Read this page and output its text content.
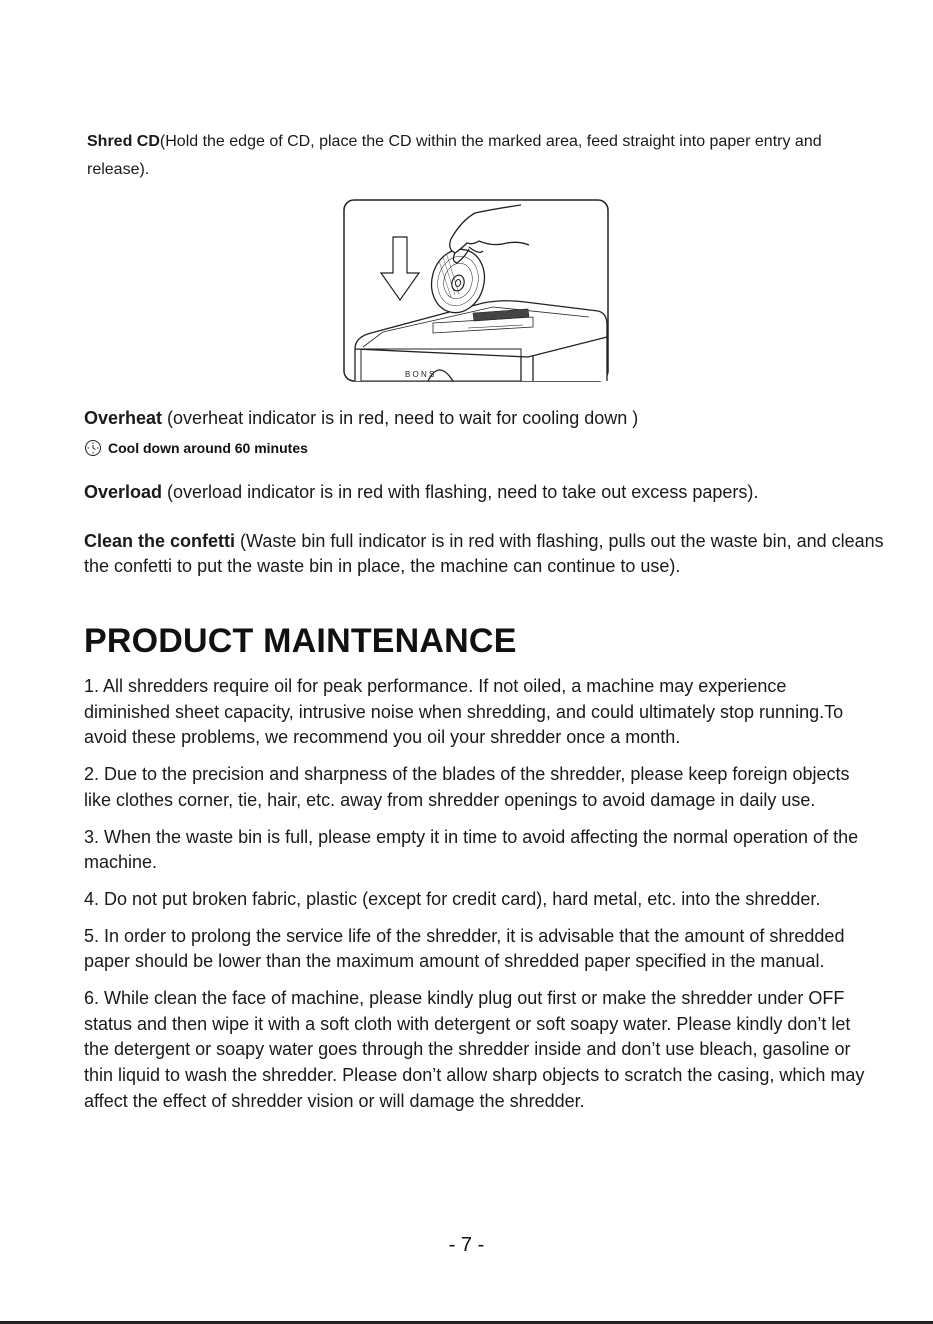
Shred CD(Hold the edge of CD, place the CD within the marked area, feed straight into paper entry and release).
B O N S
Overheat (overheat indicator is in red, need to wait for cooling down )
Cool down around 60 minutes
Overload (overload indicator is in red with flashing, need to take out excess papers).
Clean the confetti (Waste bin full indicator is in red with flashing, pulls out the waste bin, and cleans the confetti to put the waste bin in place, the machine can continue to use).
PRODUCT MAINTENANCE

1. All shredders require oil for peak performance. If not oiled, a machine may experience diminished sheet capacity, intrusive noise when shredding, and could ultimately stop running.To avoid these problems, we recommend you oil your shredder once a month.

2. Due to the precision and sharpness of the blades of the shredder, please keep foreign objects like clothes corner, tie, hair, etc. away from shredder openings to avoid damage in daily use.

3. When the waste bin is full, please empty it in time to avoid affecting the normal operation of the machine.

4. Do not put broken fabric, plastic (except for credit card), hard metal, etc. into the shredder.

5. In order to prolong the service life of the shredder, it is advisable that the amount of shredded paper should be lower than the maximum amount of shredded paper specified in the manual.

6. While clean the face of machine, please kindly plug out first or make the shredder under OFF status and then wipe it with a soft cloth with detergent or soft soapy water. Please kindly don’t let the detergent or soapy water goes through the shredder inside and don’t use bleach, gasoline or thin liquid to wash the shredder. Please don’t allow sharp objects to scratch the casing, which may affect the effect of shredder vision or will damage the shredder.

- 7 -
